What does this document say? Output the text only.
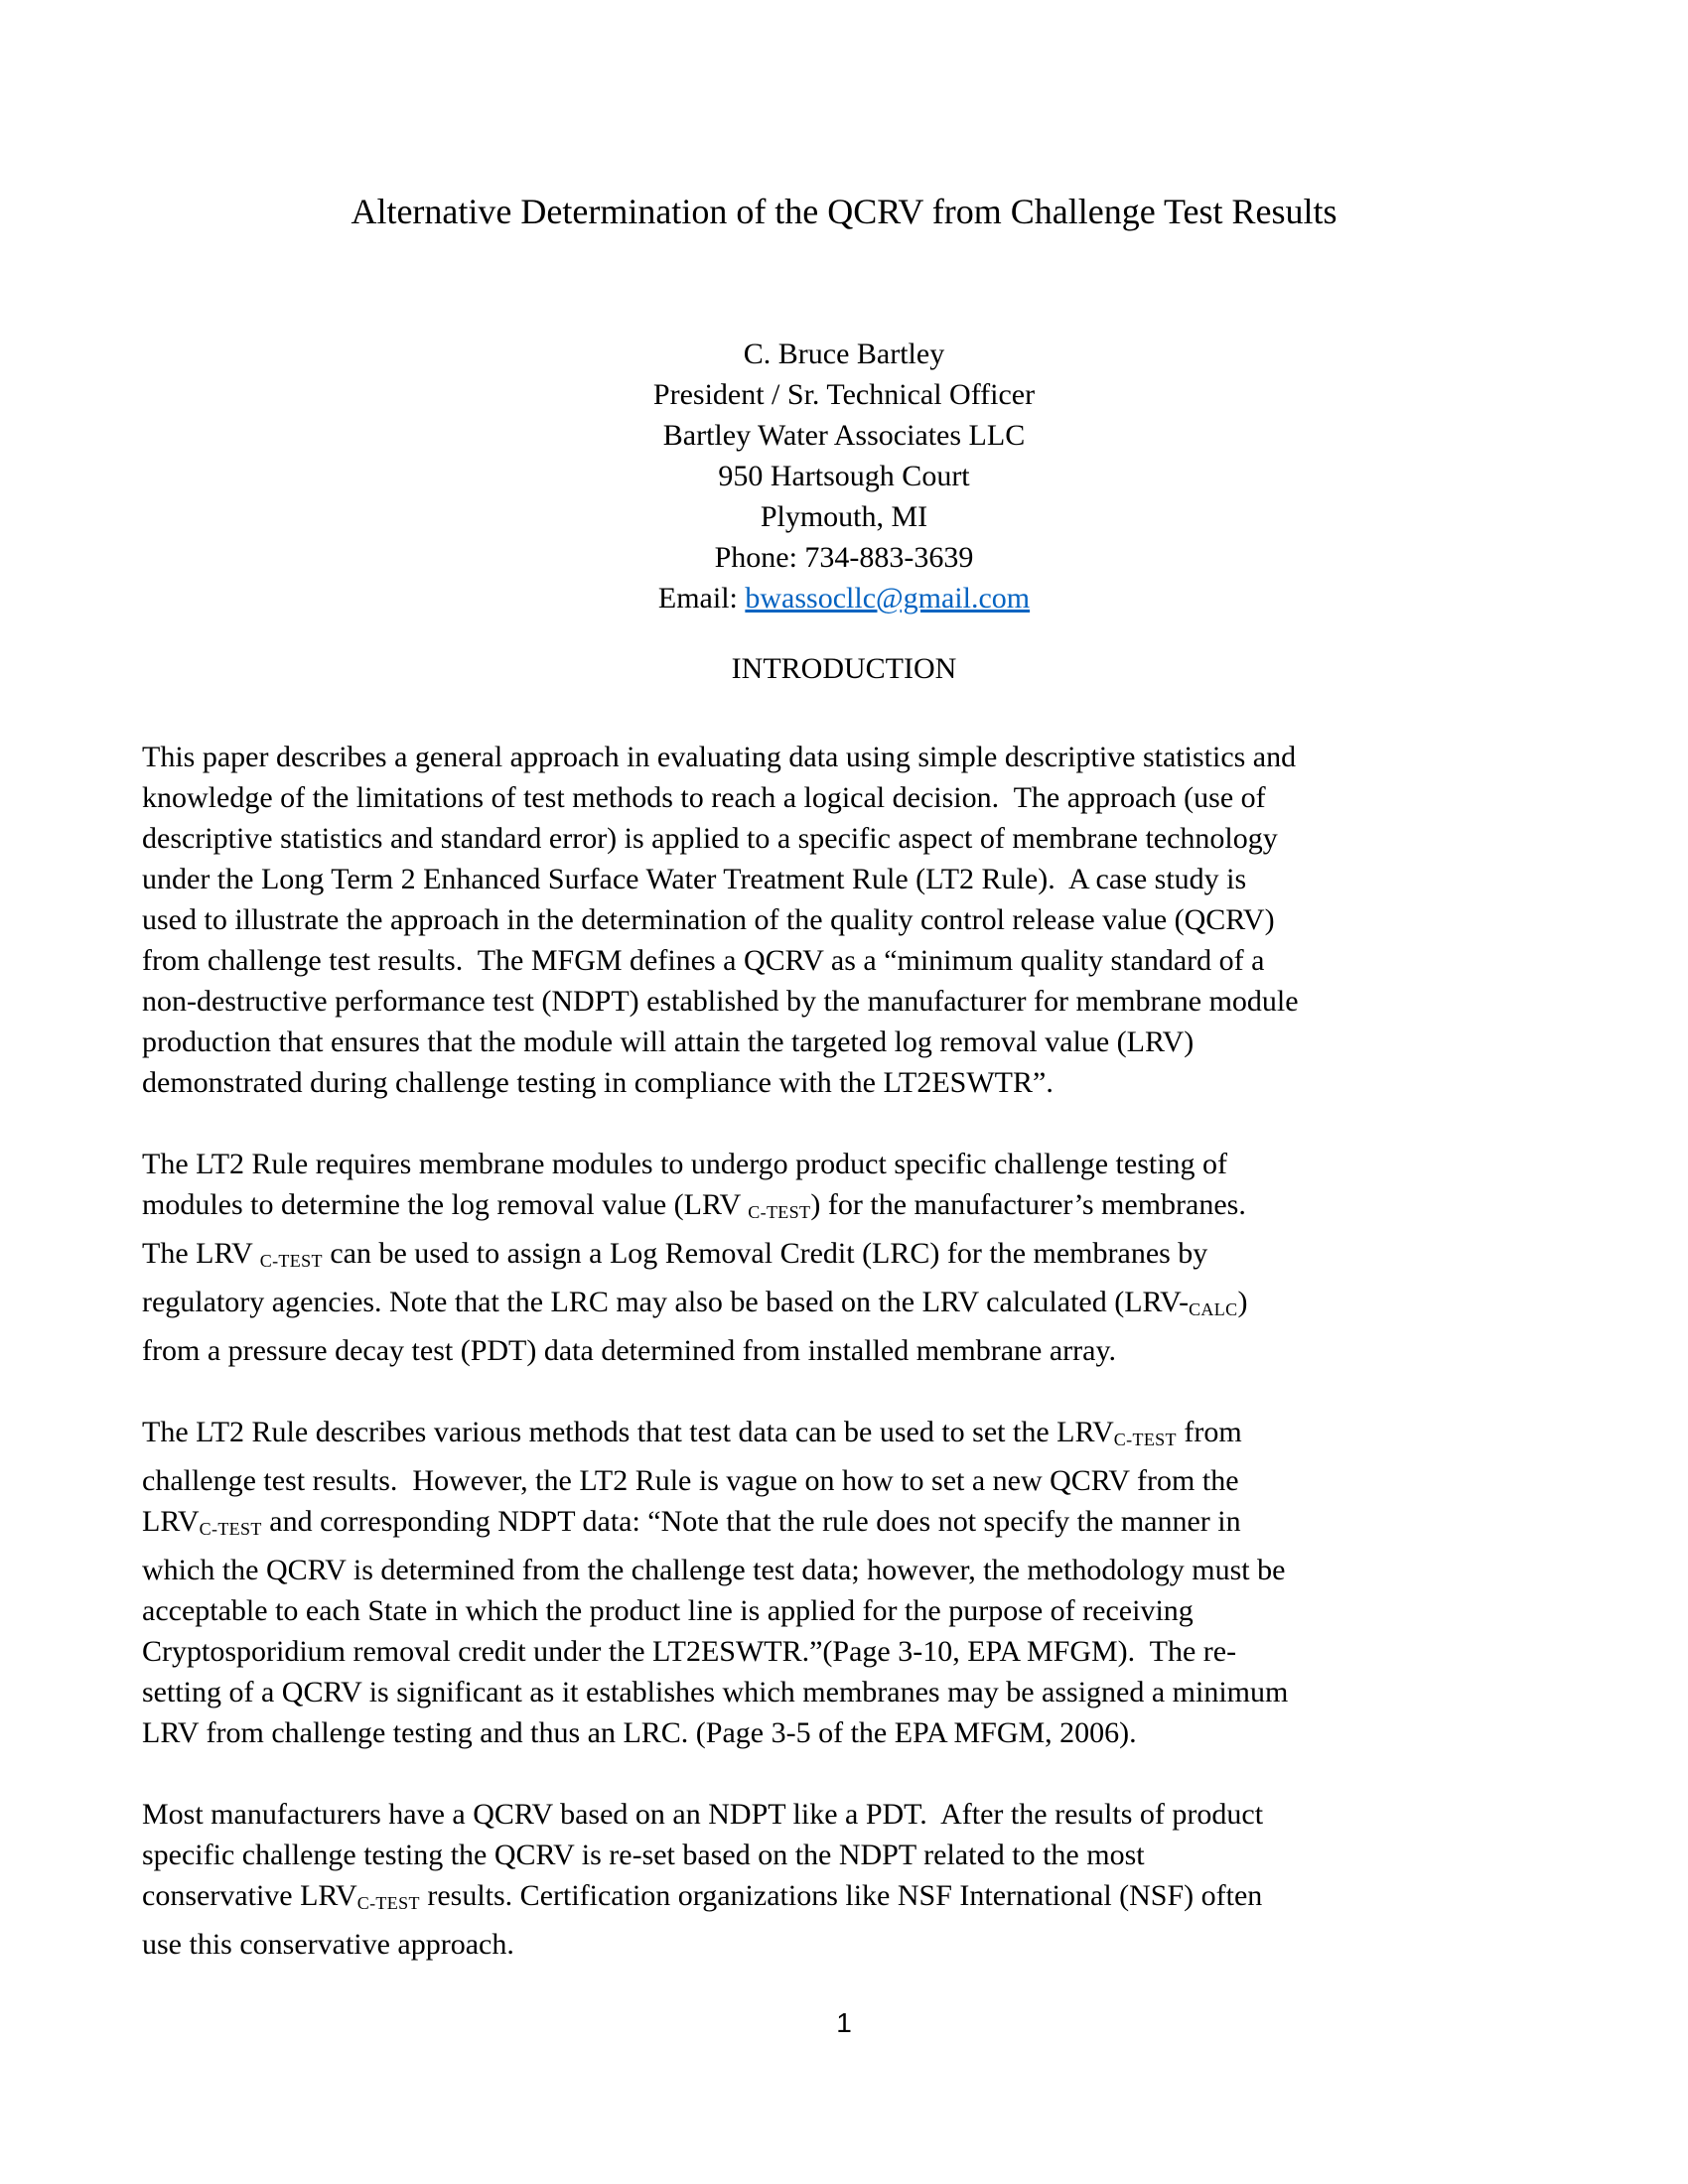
Alternative Determination of the QCRV from Challenge Test Results
C. Bruce Bartley
President / Sr. Technical Officer
Bartley Water Associates LLC
950 Hartsough Court
Plymouth, MI
Phone: 734-883-3639
Email: bwassocllc@gmail.com
INTRODUCTION
This paper describes a general approach in evaluating data using simple descriptive statistics and
knowledge of the limitations of test methods to reach a logical decision.  The approach (use of
descriptive statistics and standard error) is applied to a specific aspect of membrane technology
under the Long Term 2 Enhanced Surface Water Treatment Rule (LT2 Rule).  A case study is
used to illustrate the approach in the determination of the quality control release value (QCRV)
from challenge test results.  The MFGM defines a QCRV as a “minimum quality standard of a
non-destructive performance test (NDPT) established by the manufacturer for membrane module
production that ensures that the module will attain the targeted log removal value (LRV)
demonstrated during challenge testing in compliance with the LT2ESWTR”.
The LT2 Rule requires membrane modules to undergo product specific challenge testing of
modules to determine the log removal value (LRV $_{C-TEST}$) for the manufacturer’s membranes.
The LRV $_{C-TEST}$ can be used to assign a Log Removal Credit (LRC) for the membranes by
regulatory agencies. Note that the LRC may also be based on the LRV calculated $(LRV-_{CALC})$
from a pressure decay test (PDT) data determined from installed membrane array.
The LT2 Rule describes various methods that test data can be used to set the $LRV_{C-TEST}$ from
challenge test results.  However, the LT2 Rule is vague on how to set a new QCRV from the
$LRV_{C-TEST}$ and corresponding NDPT data: “Note that the rule does not specify the manner in
which the QCRV is determined from the challenge test data; however, the methodology must be
acceptable to each State in which the product line is applied for the purpose of receiving
Cryptosporidium removal credit under the LT2ESWTR.”(Page 3-10, EPA MFGM).  The re-
setting of a QCRV is significant as it establishes which membranes may be assigned a minimum
LRV from challenge testing and thus an LRC. (Page 3-5 of the EPA MFGM, 2006).
Most manufacturers have a QCRV based on an NDPT like a PDT.  After the results of product
specific challenge testing the QCRV is re-set based on the NDPT related to the most
conservative $LRV_{C-TEST}$ results. Certification organizations like NSF International (NSF) often
use this conservative approach.
1
